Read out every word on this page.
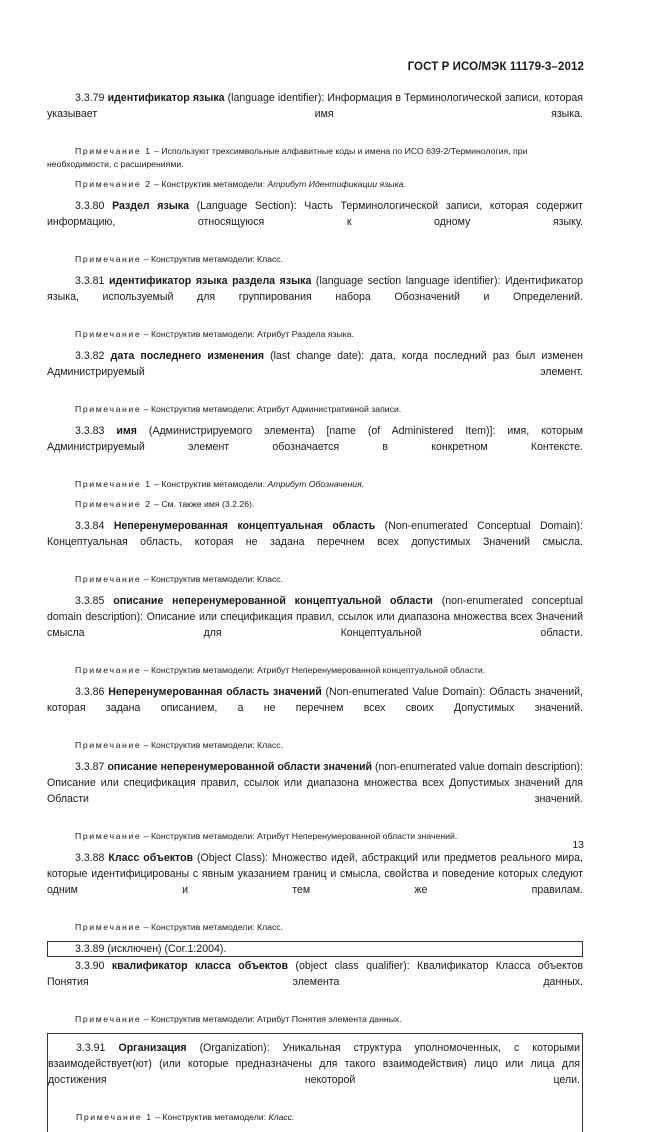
ГОСТ Р ИСО/МЭК 11179-3–2012

3.3.79 идентификатор языка (language identifier): Информация в Терминологической записи, которая указывает имя языка.

Примечание 1 – Используют трехсимвольные алфавитные коды и имена по ИСО 639-2/Терминология, при необходимости, с расширениями.

Примечание 2 – Конструктив метамодели: Атрибут Идентификации языка.

3.3.80 Раздел языка (Language Section): Часть Терминологической записи, которая содержит информацию, относящуюся к одному языку.

Примечание – Конструктив метамодели: Класс.

3.3.81 идентификатор языка раздела языка (language section language identifier): Идентификатор языка, используемый для группирования набора Обозначений и Определений.

Примечание – Конструктив метамодели: Атрибут Раздела языка.

3.3.82 дата последнего изменения (last change date): дата, когда последний раз был изменен Администрируемый элемент.

Примечание – Конструктив метамодели: Атрибут Административной записи.

3.3.83 имя (Администрируемого элемента) [name (of Administered Item)]: имя, которым Администрируемый элемент обозначается в конкретном Контексте.

Примечание 1 – Конструктив метамодели: Атрибут Обозначения.

Примечание 2 – См. также имя (3.2.26).

3.3.84 Неперенумерованная концептуальная область (Non-enumerated Conceptual Domain): Концептуальная область, которая не задана перечнем всех допустимых Значений смысла.

Примечание – Конструктив метамодели: Класс.

3.3.85 описание неперенумерованной концептуальной области (non-enumerated conceptual domain description): Описание или спецификация правил, ссылок или диапазона множества всех Значений смысла для Концептуальной области.

Примечание – Конструктив метамодели: Атрибут Неперенумерованной концептуальной области.

3.3.86 Неперенумерованная область значений (Non-enumerated Value Domain): Область значений, которая задана описанием, а не перечнем всех своих Допустимых значений.

Примечание – Конструктив метамодели: Класс.

3.3.87 описание неперенумерованной области значений (non-enumerated value domain description): Описание или спецификация правил, ссылок или диапазона множества всех Допустимых значений для Области значений.

Примечание – Конструктив метамодели: Атрибут Неперенумерованной области значений.

3.3.88 Класс объектов (Object Class): Множество идей, абстракций или предметов реального мира, которые идентифицированы с явным указанием границ и смысла, свойства и поведение которых следуют одним и тем же правилам.

Примечание – Конструктив метамодели: Класс.

3.3.89 (исключен) (Cor.1:2004).

3.3.90 квалификатор класса объектов (object class qualifier): Квалификатор Класса объектов Понятия элемента данных.

Примечание – Конструктив метамодели: Атрибут Понятия элемента данных.

3.3.91 Организация (Organization): Уникальная структура уполномоченных, с которыми взаимодействует(ют) (или которые предназначены для такого взаимодействия) лицо или лица для достижения некоторой цели.

Примечание 1 – Конструктив метамодели: Класс.

13
